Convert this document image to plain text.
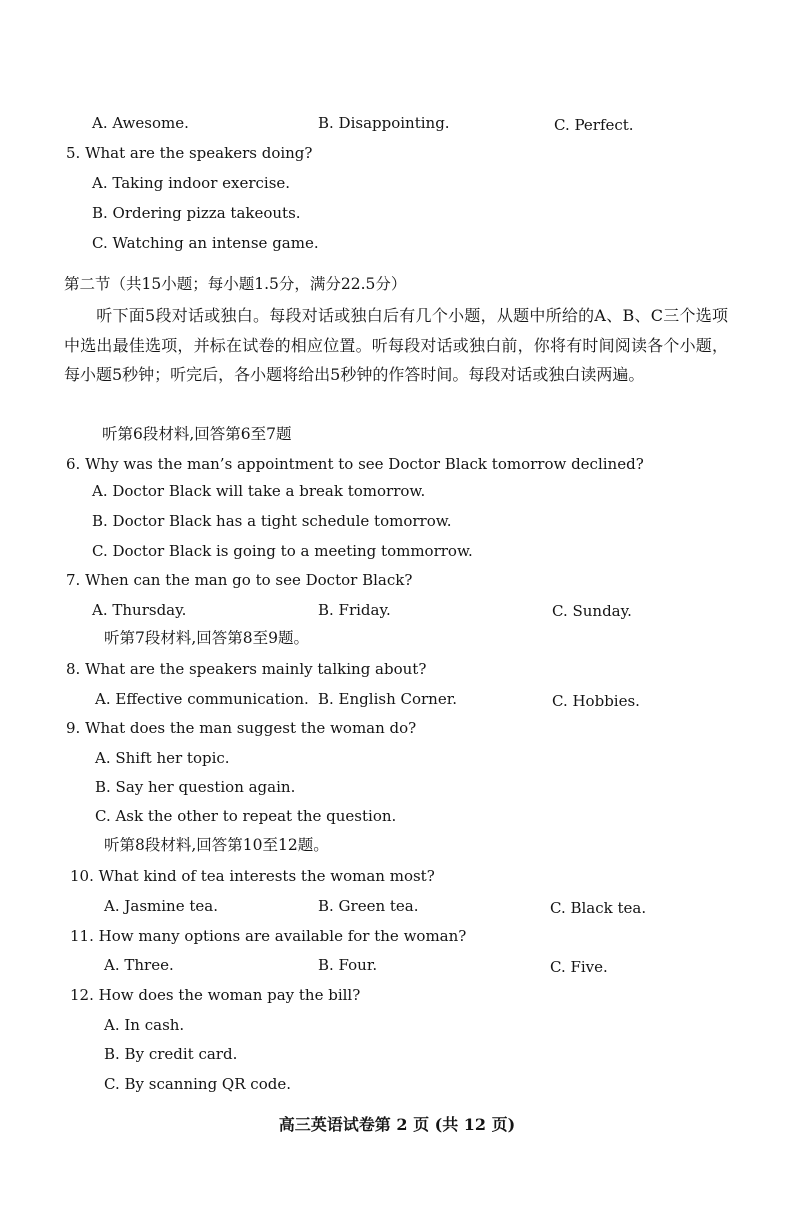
A. Awesome.	B. Disappointing.	C. Perfect.
5. What are the speakers doing?
A. Taking indoor exercise.
B. Ordering pizza takeouts.
C. Watching an intense game.
第二节（共15小题；每小题1.5分，满分22.5分）
听下面5段对话或独白。每段对话或独白后有几个小题，从题中所给的A、B、C三个选项中选出最佳选项，并标在试卷的相应位置。听每段对话或独白前，你将有时间阅读各个小题，每小题5秒钟；听完后，各小题将给出5秒钟的作答时间。每段对话或独白读两遍。
听第6段材料,回答第6至7题
6. Why was the man’s appointment to see Doctor Black tomorrow declined?
A. Doctor Black will take a break tomorrow.
B. Doctor Black has a tight schedule tomorrow.
C. Doctor Black is going to a meeting tommorrow.
7. When can the man go to see Doctor Black?
A. Thursday.	B. Friday.	C. Sunday.
听第7段材料,回答第8至9题。
8. What are the speakers mainly talking about?
A. Effective communication. B. English Corner.	C. Hobbies.
9. What does the man suggest the woman do?
A. Shift her topic.
B. Say her question again.
C. Ask the other to repeat the question.
听第8段材料,回答第10至12题。
10. What kind of tea interests the woman most?
A. Jasmine tea.	B. Green tea.	C. Black tea.
11. How many options are available for the woman?
A. Three.	B. Four.	C. Five.
12. How does the woman pay the bill?
A. In cash.
B. By credit card.
C. By scanning QR code.
高三英语试卷第 2 页 (共 12 页)
